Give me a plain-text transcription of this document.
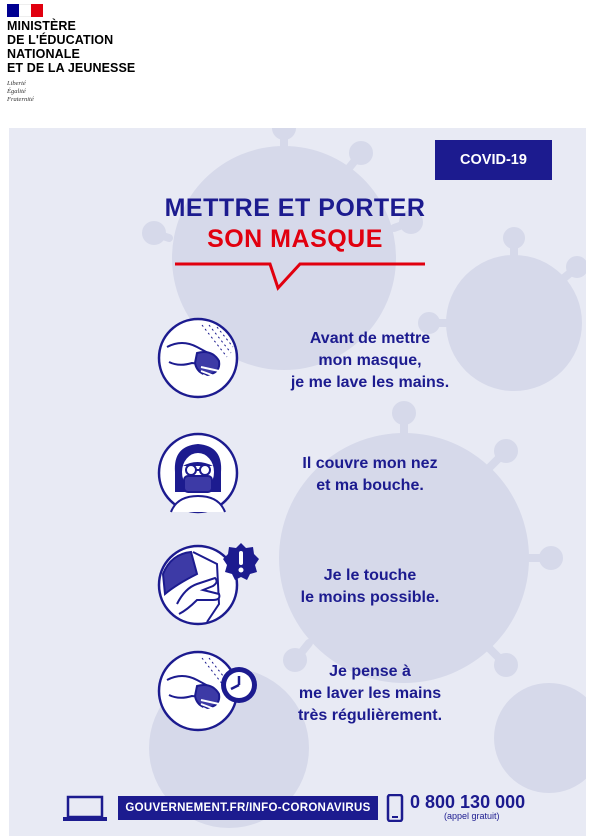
MINISTÈRE
DE L'ÉDUCATION
NATIONALE
ET DE LA JEUNESSE
Liberté
Égalité
Fraternité
COVID-19
METTRE ET PORTER
SON MASQUE
Avant de mettre
mon masque,
je me lave les mains.
Il couvre mon nez
et ma bouche.
Je le touche
le moins possible.
Je pense à
me laver les mains
très régulièrement.
GOUVERNEMENT.FR/INFO-CORONAVIRUS	0 800 130 000
(appel gratuit)
